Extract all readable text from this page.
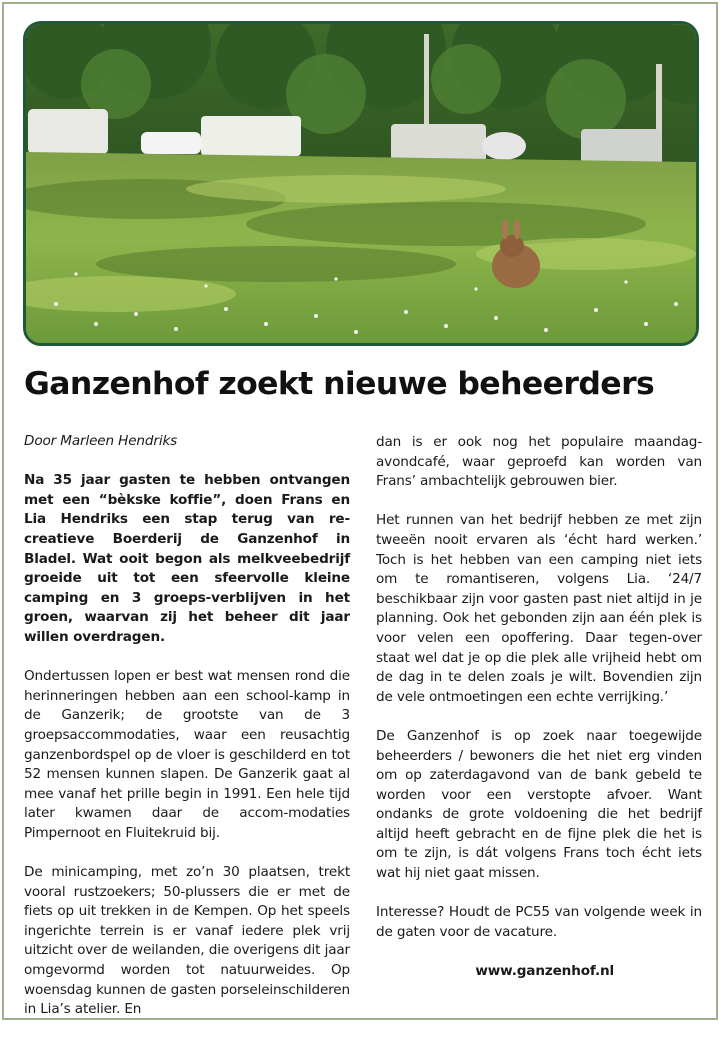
Ganzenhof zoekt nieuwe beheerders

Door Marleen Hendriks

Na 35 jaar gasten te hebben ontvangen met een “bèkske koffie”, doen Frans en Lia Hendriks een stap terug van re-creatieve Boerderij de Ganzenhof in Bladel. Wat ooit begon als melkveebedrijf groeide uit tot een sfeervolle kleine camping en 3 groeps-verblijven in het groen, waarvan zij het beheer dit jaar willen overdragen.

Ondertussen lopen er best wat mensen rond die herinneringen hebben aan een school-kamp in de Ganzerik; de grootste van de 3 groepsaccommodaties, waar een reusachtig ganzenbordspel op de vloer is geschilderd en tot 52 mensen kunnen slapen. De Ganzerik gaat al mee vanaf het prille begin in 1991. Een hele tijd later kwamen daar de accom-modaties Pimpernoot en Fluitekruid bij.

De minicamping, met zo’n 30 plaatsen, trekt vooral rustzoekers; 50-plussers die er met de fiets op uit trekken in de Kempen. Op het speels ingerichte terrein is er vanaf iedere plek vrij uitzicht over de weilanden, die overigens dit jaar omgevormd worden tot natuurweides. Op woensdag kunnen de gasten porseleinschilderen in Lia’s atelier. En

dan is er ook nog het populaire maandag-avondcafé, waar geproefd kan worden van Frans’ ambachtelijk gebrouwen bier.

Het runnen van het bedrijf hebben ze met zijn tweeën nooit ervaren als ‘écht hard werken.’ Toch is het hebben van een camping niet iets om te romantiseren, volgens Lia. ‘24/7 beschikbaar zijn voor gasten past niet altijd in je planning. Ook het gebonden zijn aan één plek is voor velen een opoffering. Daar tegen-over staat wel dat je op die plek alle vrijheid hebt om de dag in te delen zoals je wilt. Bovendien zijn de vele ontmoetingen een echte verrijking.’

De Ganzenhof is op zoek naar toegewijde beheerders / bewoners die het niet erg vinden om op zaterdagavond van de bank gebeld te worden voor een verstopte afvoer. Want ondanks de grote voldoening die het bedrijf altijd heeft gebracht en de fijne plek die het is om te zijn, is dát volgens Frans toch écht iets wat hij niet gaat missen.

Interesse? Houdt de PC55 van volgende week in de gaten voor de vacature.

www.ganzenhof.nl
